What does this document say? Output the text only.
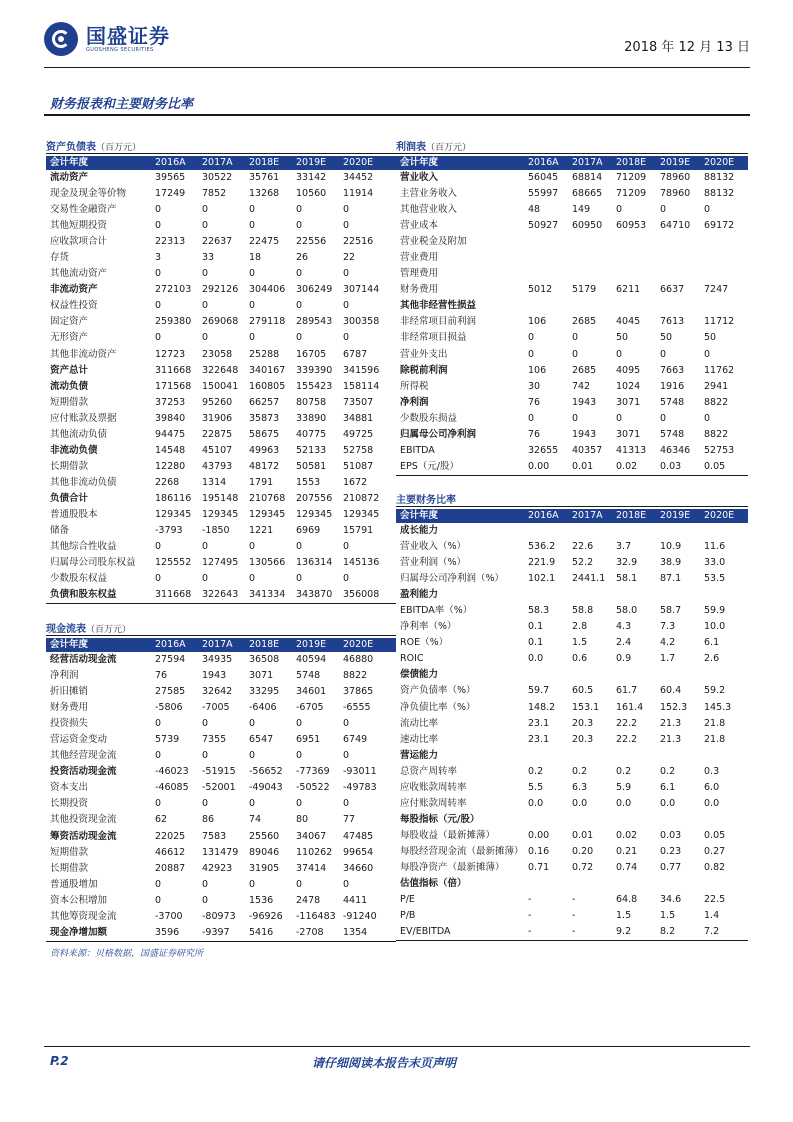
国盛证券
GUOSHENG SECURITIES	2018 年 12 月 13 日
财务报表和主要财务比率
资产负债表（百万元）
会计年度	2016A	2017A	2018E	2019E	2020E
流动资产	39565	30522	35761	33142	34452
现金及现金等价物	17249	7852	13268	10560	11914
交易性金融资产	0	0	0	0	0
其他短期投资	0	0	0	0	0
应收款项合计	22313	22637	22475	22556	22516
存货	3	33	18	26	22
其他流动资产	0	0	0	0	0
非流动资产	272103	292126	304406	306249	307144
权益性投资	0	0	0	0	0
固定资产	259380	269068	279118	289543	300358
无形资产	0	0	0	0	0
其他非流动资产	12723	23058	25288	16705	6787
资产总计	311668	322648	340167	339390	341596
流动负债	171568	150041	160805	155423	158114
短期借款	37253	95260	66257	80758	73507
应付账款及票据	39840	31906	35873	33890	34881
其他流动负债	94475	22875	58675	40775	49725
非流动负债	14548	45107	49963	52133	52758
长期借款	12280	43793	48172	50581	51087
其他非流动负债	2268	1314	1791	1553	1672
负债合计	186116	195148	210768	207556	210872
普通股股本	129345	129345	129345	129345	129345
储备	-3793	-1850	1221	6969	15791
其他综合性收益	0	0	0	0	0
归属母公司股东权益	125552	127495	130566	136314	145136
少数股东权益	0	0	0	0	0
负债和股东权益	311668	322643	341334	343870	356008
现金流表（百万元）
会计年度	2016A	2017A	2018E	2019E	2020E
经营活动现金流	27594	34935	36508	40594	46880
净利润	76	1943	3071	5748	8822
折旧摊销	27585	32642	33295	34601	37865
财务费用	-5806	-7005	-6406	-6705	-6555
投资损失	0	0	0	0	0
营运资金变动	5739	7355	6547	6951	6749
其他经营现金流	0	0	0	0	0
投资活动现金流	-46023	-51915	-56652	-77369	-93011
资本支出	-46085	-52001	-49043	-50522	-49783
长期投资	0	0	0	0	0
其他投资现金流	62	86	74	80	77
筹资活动现金流	22025	7583	25560	34067	47485
短期借款	46612	131479	89046	110262	99654
长期借款	20887	42923	31905	37414	34660
普通股增加	0	0	0	0	0
资本公积增加	0	0	1536	2478	4411
其他筹资现金流	-3700	-80973	-96926	-116483 -91240
现金净增加额	3596	-9397	5416	-2708	1354
利润表（百万元）
会计年度	2016A	2017A	2018E	2019E	2020E
营业收入	56045	68814	71209	78960	88132
主营业务收入	55997	68665	71209	78960	88132
其他营业收入	48	149	0	0	0
营业成本	50927	60950	60953	64710	69172
营业税金及附加
营业费用
管理费用
财务费用	5012	5179	6211	6637	7247
其他非经营性损益
非经常项目前利润	106	2685	4045	7613	11712
非经常项目损益	0	0	50	50	50
营业外支出	0	0	0	0	0
除税前利润	106	2685	4095	7663	11762
所得税	30	742	1024	1916	2941
净利润	76	1943	3071	5748	8822
少数股东损益	0	0	0	0	0
归属母公司净利润	76	1943	3071	5748	8822
EBITDA	32655	40357	41313	46346	52753
EPS（元/股）	0.00	0.01	0.02	0.03	0.05
主要财务比率
会计年度	2016A	2017A	2018E	2019E	2020E
成长能力
营业收入（%）	536.2	22.6	3.7	10.9	11.6
营业利润（%）	221.9	52.2	32.9	38.9	33.0
归属母公司净利润（%）	102.1	2441.1	58.1	87.1	53.5
盈利能力
EBITDA率（%）	58.3	58.8	58.0	58.7	59.9
净利率（%）	0.1	2.8	4.3	7.3	10.0
ROE（%）	0.1	1.5	2.4	4.2	6.1
ROIC	0.0	0.6	0.9	1.7	2.6
偿债能力
资产负债率（%）	59.7	60.5	61.7	60.4	59.2
净负债比率（%）	148.2	153.1	161.4	152.3	145.3
流动比率	23.1	20.3	22.2	21.3	21.8
速动比率	23.1	20.3	22.2	21.3	21.8
营运能力
总资产周转率	0.2	0.2	0.2	0.2	0.3
应收账款周转率	5.5	6.3	5.9	6.1	6.0
应付账款周转率	0.0	0.0	0.0	0.0	0.0
每股指标（元/股）
每股收益（最新摊薄）	0.00	0.01	0.02	0.03	0.05
每股经营现金流（最新摊薄） 0.16	0.20	0.21	0.23	0.27
每股净资产（最新摊薄）	0.71	0.72	0.74	0.77	0.82
估值指标（倍）
P/E	-	-	64.8	34.6	22.5
P/B	-	-	1.5	1.5	1.4
EV/EBITDA	-	-	9.2	8.2	7.2
资料来源：贝格数据，国盛证券研究所
P.2	请仔细阅读本报告末页声明
